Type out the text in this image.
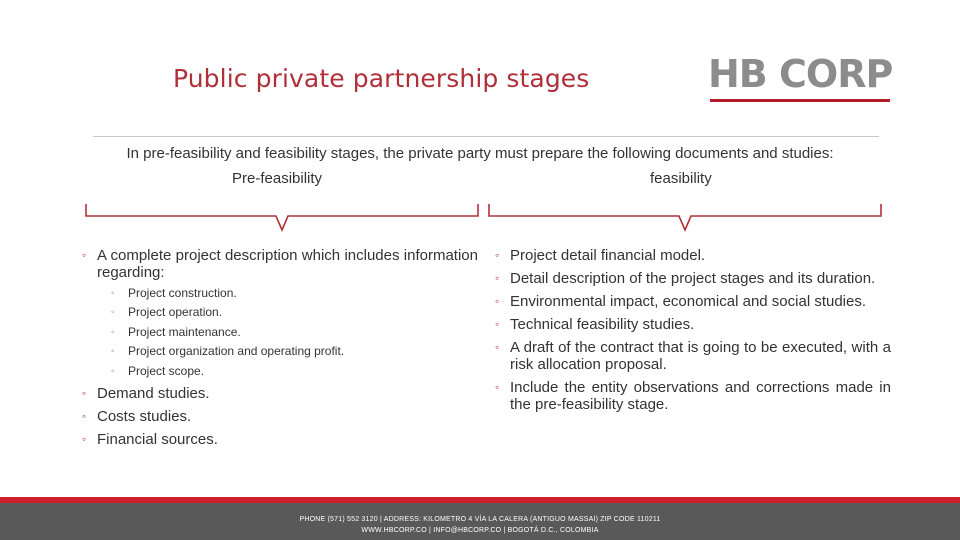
Public private partnership stages	HB CORP
In pre-feasibility and feasibility stages, the private party must prepare the following documents and studies:
Pre-feasibility	feasibility
◦ A complete project description which includes information regarding:
◦ Project construction.
◦ Project operation.
◦ Project maintenance.
◦ Project organization and operating profit.
◦ Project scope.
◦ Demand studies.
◦ Costs studies.
◦ Financial sources.
◦ Project detail financial model.
◦ Detail description of the project stages and its duration.
◦ Environmental impact, economical and social studies.
◦ Technical feasibility studies.
◦ A draft of the contract that is going to be executed, with a risk allocation proposal.
◦ Include the entity observations and corrections made in the pre-feasibility stage.
PHONE (571) 552 3120 | ADDRESS: KILOMETRO 4 VÍA LA CALERA (ANTIGUO MASSAI) ZIP CODE 110211
WWW.HBCORP.CO | INFO@HBCORP.CO | BOGOTÁ D.C., COLOMBIA
